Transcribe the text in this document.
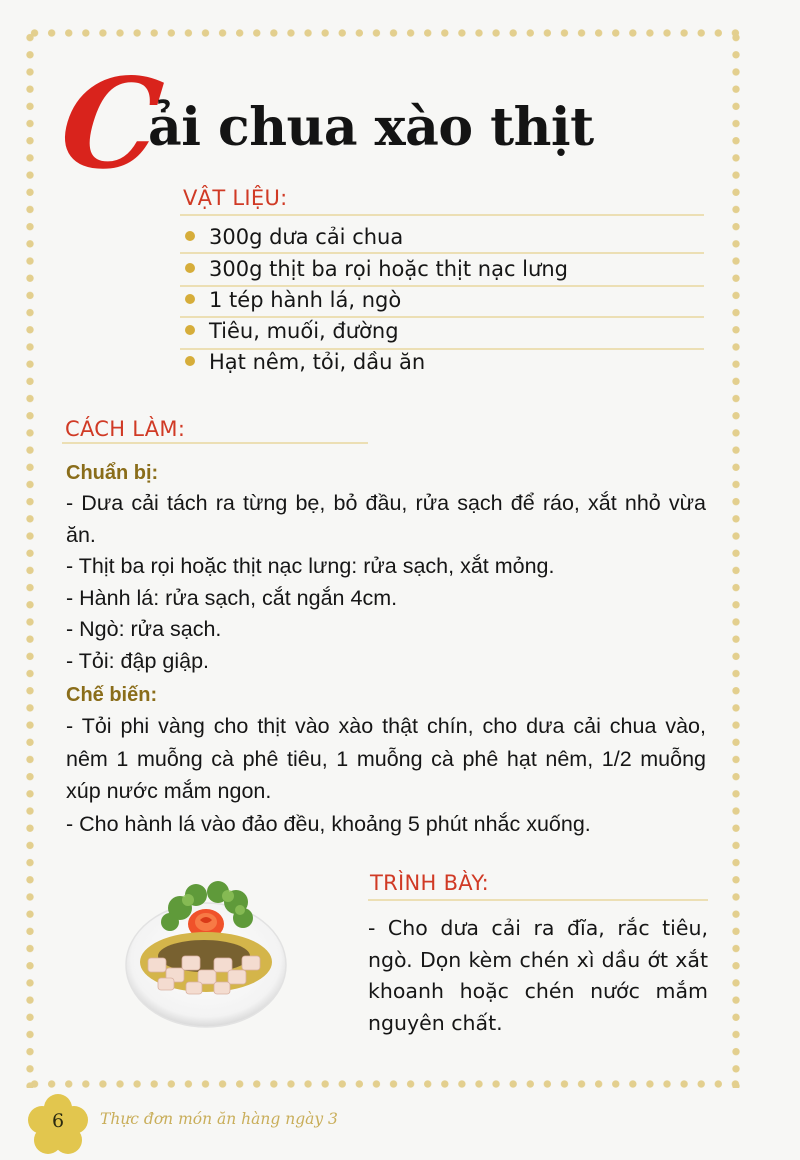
C
ải chua xào thịt
VẬT LIỆU:
300g dưa cải chua
300g thịt ba rọi hoặc thịt nạc lưng
1 tép hành lá, ngò
Tiêu, muối, đường
Hạt nêm, tỏi, dầu ăn
CÁCH LÀM:
Chuẩn bị:

- Dưa cải tách ra từng bẹ, bỏ đầu, rửa sạch để ráo, xắt nhỏ vừa ăn.

- Thịt ba rọi hoặc thịt nạc lưng: rửa sạch, xắt mỏng.

- Hành lá: rửa sạch, cắt ngắn 4cm.

- Ngò: rửa sạch.

- Tỏi: đập giập.

Chế biến:

- Tỏi phi vàng cho thịt vào xào thật chín, cho dưa cải chua vào, nêm 1 muỗng cà phê tiêu, 1 muỗng cà phê hạt nêm, 1/2 muỗng xúp nước mắm ngon.

- Cho hành lá vào đảo đều, khoảng 5 phút nhắc xuống.

TRÌNH BÀY:
- Cho dưa cải ra đĩa, rắc tiêu, ngò. Dọn kèm chén xì dầu ớt xắt khoanh hoặc chén nước mắm nguyên chất.
6	Thực đơn món ăn hàng ngày 3
